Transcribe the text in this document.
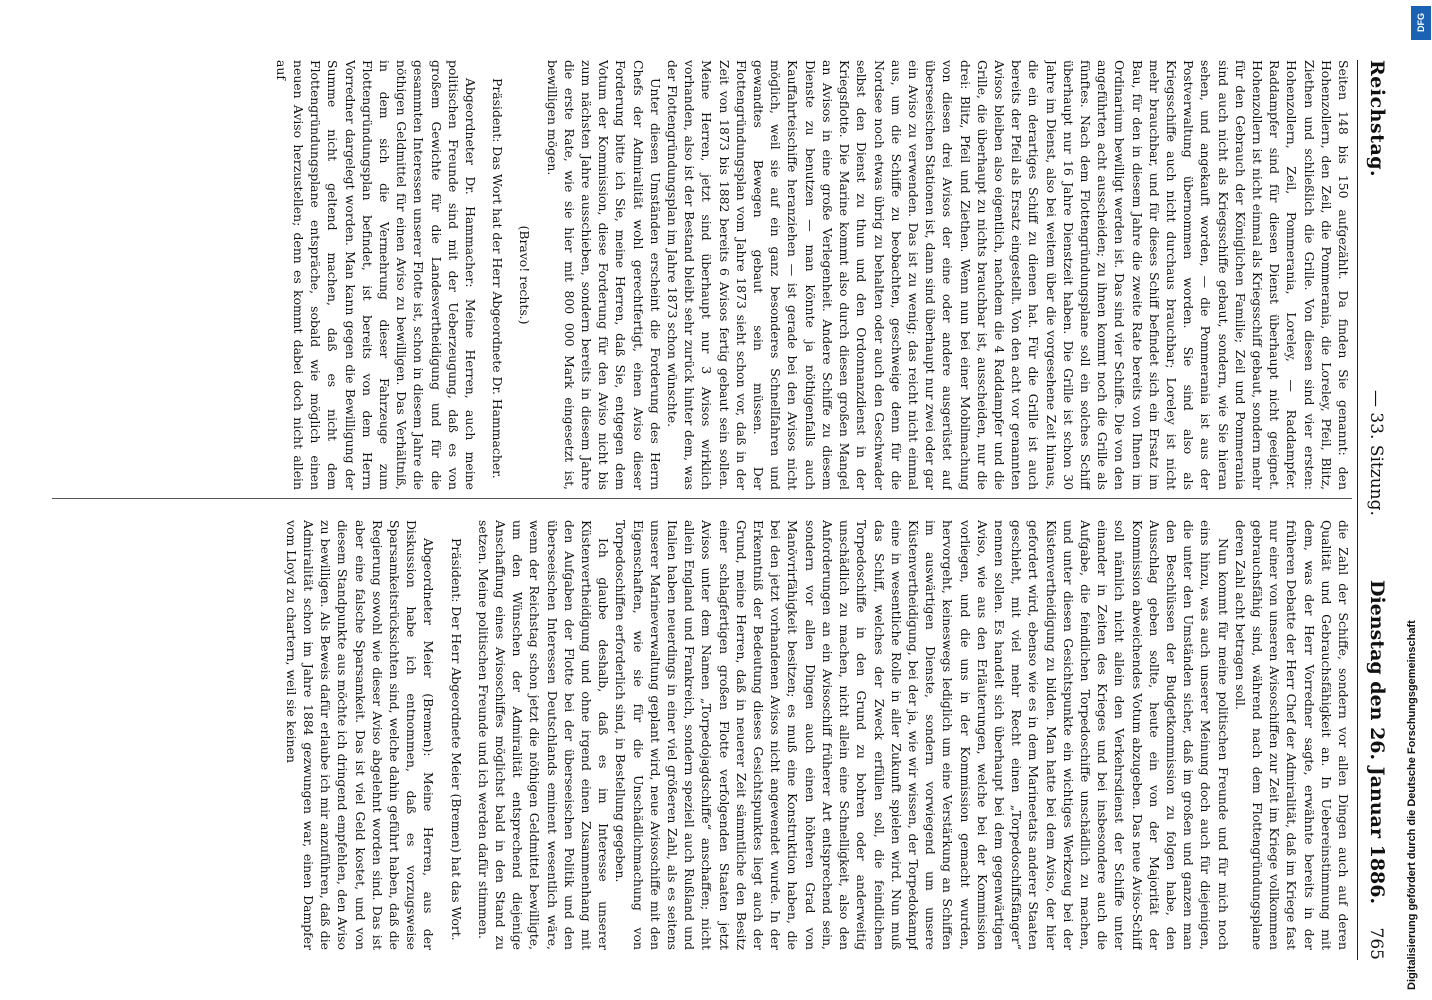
Reichstag.
— 33. Sitzung.
Dienstag den 26. Januar 1886.
765

Seiten 148 bis 150 aufgezählt. Da finden Sie genannt: den Hohenzollern, den Zeil, die Pommerania, die Loreley, Pfeil, Blitz, Ziethen und schließlich die Grille. Von diesen sind vier ersten: Hohenzollern, Zeil, Pommerania, Loreley, — Raddampfer. Raddampfer sind für diesen Dienst überhaupt nicht geeignet. Hohenzollern ist nicht einmal als Kriegsschiff gebaut, sondern mehr für den Gebrauch der Königlichen Familie; Zeil und Pommerania sind auch nicht als Kriegsschiffe gebaut, sondern, wie Sie hieran sehen, und angekauft worden, — die Pommerania ist aus der Postverwaltung übernommen worden. Sie sind also als Kriegsschiffe auch nicht durchaus brauchbar; Loreley ist nicht mehr brauchbar, und für dieses Schiff befindet sich ein Ersatz im Bau, für den in diesem Jahre die zweite Rate bereits von Ihnen im Ordinarium bewilligt werden ist. Das sind vier Schiffe. Die von den angeführten acht ausscheiden; zu ihnen kommt noch die Grille als fünftes. Nach dem Flottengründungsplane soll ein solches Schiff überhaupt nur 16 Jahre Dienstzeit haben. Die Grille ist schon 30 Jahre im Dienst, also bei weitem über die vorgesehene Zeit hinaus, die ein derartiges Schiff zu dienen hat. Für die Grille ist auch bereits der Pfeil als Ersatz eingestellt. Von den acht vor genannten Avisos bleiben also eigentlich, nachdem die 4 Raddampfer und die Grille, die überhaupt zu nichts brauchbar ist, ausscheiden, nur die drei: Blitz, Pfeil und Ziethen. Wenn nun bei einer Mobilmachung von diesen drei Avisos der eine oder andere ausgerüstet auf überseeischen Stationen ist, dann sind überhaupt nur zwei oder gar ein Aviso zu verwenden. Das ist zu wenig; das reicht nicht einmal aus, um die Schiffe zu beobachten, geschweige denn für die Nordsee noch etwas übrig zu behalten oder auch den Geschwader selbst den Dienst zu thun und den Ordonnanzdienst in der Kriegsflotte. Die Marine kommt also durch diesen großen Mangel an Avisos in eine große Verlegenheit. Andere Schiffe zu diesem Dienste zu benutzen — man könnte ja nöthigenfalls auch Kauffahrteischiffe heranziehen — ist gerade bei den Avisos nicht möglich, weil sie auf ein ganz besonderes Schnellfahren und gewandtes Bewegen gebaut sein müssen. Der Flottengründungsplan vom Jahre 1873 sieht schon vor, daß in der Zeit von 1873 bis 1882 bereits 6 Avisos fertig gebaut sein sollen. Meine Herren, jetzt sind überhaupt nur 3 Avisos wirklich vorhanden, also ist der Bestand bleibt sehr zurück hinter dem, was der Flottengründungsplan im Jahre 1873 schon wünschte.

Unter diesen Umständen erscheint die Forderung des Herrn Chefs der Admiralität wohl gerechtfertigt, einen Aviso dieser Forderung bitte ich Sie, meine Herren, daß Sie, entgegen dem Votum der Kommission, diese Forderung für den Aviso nicht bis zum nächsten Jahre ausschieben, sondern bereits in diesem Jahre die erste Rate, wie sie hier mit 800 000 Mark eingesetzt ist, bewilligen mögen.

(Bravo! rechts.)

Präsident: Das Wort hat der Herr Abgeordnete Dr. Hammacher.

Abgeordneter Dr. Hammacher: Meine Herren, auch meine politischen Freunde sind mit der Ueberzeugung, daß es von großem Gewichte für die Landesvertheidigung und für die gesammten Interessen unserer Flotte ist, schon in diesem Jahre die nöthigen Geldmittel für einen Aviso zu bewilligen. Das Verhältniß, in dem sich die Vermehrung dieser Fahrzeuge zum Flottengründungsplan befindet, ist bereits von dem Herrn Vorredner dargelegt worden. Man kann gegen die Bewilligung der Summe nicht geltend machen, daß es nicht dem Flottengründungsplane entspräche, sobald wie möglich einen neuen Aviso herzustellen; denn es kommt dabei doch nicht allein auf

die Zahl der Schiffe, sondern vor allen Dingen auch auf deren Qualität und Gebrauchsfähigkeit an. In Uebereinstimmung mit dem, was der Herr Vorredner sagte, erwähnte bereits in der früheren Debatte der Herr Chef der Admiralität, daß im Kriege fast nur einer von unseren Avisoschiffen zur Zeit im Kriege vollkommen gebrauchsfähig sind, während nach dem Flottengründungsplane deren Zahl acht betragen soll.

Nun kommt für meine politischen Freunde und für mich noch eins hinzu, was auch unserer Meinung doch auch für diejenigen, die unter den Umständen sicher, daß im großen und ganzen man den Beschlüssen der Budgetkommission zu folgen habe, den Ausschlag geben sollte, heute ein von der Majorität der Kommission abweichendes Votum abzugeben. Das neue Aviso-Schiff soll nämlich nicht allein den Verkehrsdienst der Schiffe unter einander in Zeiten des Krieges und bei insbesondere auch die Aufgabe, die feindlichen Torpedoschiffe unschädlich zu machen, und unter diesen Gesichtspunkte ein wichtiges Werkzeug bei der Küstenvertheidigung zu bilden. Man hatte bei dem Aviso, der hier gefordert wird, ebenso wie es in dem Marineetats anderer Staaten geschieht, mit viel mehr Recht einen „Torpedoschiffsfänger“ nennen sollen. Es handelt sich überhaupt bei dem gegenwärtigen Aviso, wie aus den Erläuterungen, welche bei der Kommission vorliegen, und die uns in der Kommission gemacht wurden, hervorgeht, keineswegs lediglich um eine Verstärkung an Schiffen im auswärtigen Dienste, sondern vorwiegend um unsere Küstenvertheidigung, bei der ja, wie wir wissen, der Torpedokampf eine in wesentliche Rolle in aller Zukunft spielen wird. Nun muß das Schiff, welches der Zweck erfüllen soll, die feindlichen Torpedoschiffe in den Grund zu bohren oder anderweitig unschädlich zu machen, nicht allein eine Schnelligkeit, also den Anforderungen an ein Avisoschiff früherer Art entsprechend sein, sondern vor allen Dingen auch einen höheren Grad von Manövrirfähigkeit besitzen; es muß eine Konstruktion haben, die bei den jetzt vorhandenen Avisos nicht angewendet wurde. In der Erkenntniß der Bedeutung dieses Gesichtspunktes liegt auch der Grund, meine Herren, daß in neuerer Zeit sämmtliche den Besitz einer schlagfertigen großen Flotte verfolgenden Staaten jetzt Avisos unter dem Namen „Torpedojagdschiffe“ anschaffen; nicht allein England und Frankreich, sondern speziell auch Rußland und Italien haben neuerdings in einer viel größeren Zahl, als es seitens unserer Marineverwaltung geplant wird, neue Avisoschiffe mit den Eigenschaften, wie sie für die Unschädlichmachung von Torpedoschiffen erforderlich sind, in Bestellung gegeben.

Ich glaube deshalb, daß es im Interesse unserer Küstenvertheidigung und ohne irgend einen Zusammenhang mit den Aufgaben der Flotte bei der überseeischen Politik und den überseeischen Interessen Deutschlands eminent wesentlich wäre, wenn der Reichstag schon jetzt die nöthigen Geldmittel bewilligte, um den Wünschen der Admiralität entsprechend diejenige Anschaffung eines Avisoschiffes möglichst bald in den Stand zu setzen. Meine politischen Freunde und ich werden dafür stimmen.

Präsident: Der Herr Abgeordnete Meier (Bremen) hat das Wort.

Abgeordneter Meier (Bremen): Meine Herren, aus der Diskussion habe ich entnommen, daß es vorzugsweise Sparsamkeitsrücksichten sind, welche dahin geführt haben, daß die Regierung sowohl wie dieser Aviso abgelehnt worden sind. Das ist aber eine falsche Sparsamkeit. Das ist viel Geld kostet, und von diesem Standpunkte aus möchte ich dringend empfehlen, den Aviso zu bewilligen. Als Beweis dafür erlaube ich mir anzuführen, daß die Admiralität schon im Jahre 1884 gezwungen war, einen Dampfer vom Lloyd zu chartern, weil sie keinen	Digitalisierung gefördert durch die Deutsche Forschungsgemeinschaft
DFG
